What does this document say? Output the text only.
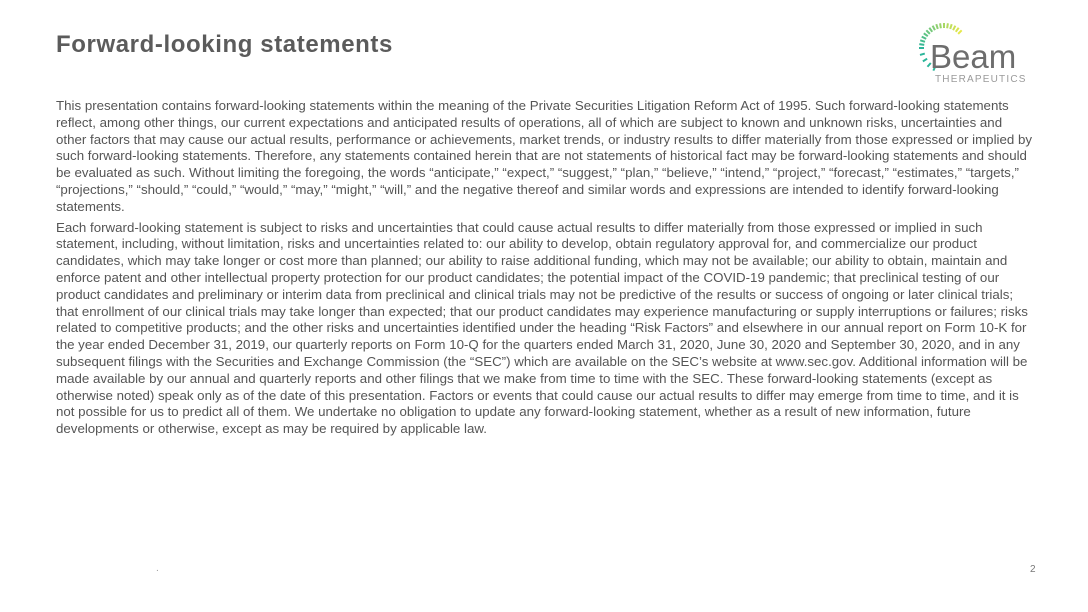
Forward-looking statements	Beam
THERAPEUTICS

This presentation contains forward-looking statements within the meaning of the Private Securities Litigation Reform Act of 1995. Such forward-looking statements reflect, among other things, our current expectations and anticipated results of operations, all of which are subject to known and unknown risks, uncertainties and other factors that may cause our actual results, performance or achievements, market trends, or industry results to differ materially from those expressed or implied by such forward-looking statements. Therefore, any statements contained herein that are not statements of historical fact may be forward-looking statements and should be evaluated as such. Without limiting the foregoing, the words “anticipate,” “expect,” “suggest,” “plan,” “believe,” “intend,” “project,” “forecast,” “estimates,” “targets,” “projections,” “should,” “could,” “would,” “may,” “might,” “will,” and the negative thereof and similar words and expressions are intended to identify forward-looking statements.

Each forward-looking statement is subject to risks and uncertainties that could cause actual results to differ materially from those expressed or implied in such statement, including, without limitation, risks and uncertainties related to: our ability to develop, obtain regulatory approval for, and commercialize our product candidates, which may take longer or cost more than planned; our ability to raise additional funding, which may not be available; our ability to obtain, maintain and enforce patent and other intellectual property protection for our product candidates; the potential impact of the COVID-19 pandemic; that preclinical testing of our product candidates and preliminary or interim data from preclinical and clinical trials may not be predictive of the results or success of ongoing or later clinical trials; that enrollment of our clinical trials may take longer than expected; that our product candidates may experience manufacturing or supply interruptions or failures; risks related to competitive products; and the other risks and uncertainties identified under the heading “Risk Factors” and elsewhere in our annual report on Form 10-K for the year ended December 31, 2019, our quarterly reports on Form 10-Q for the quarters ended March 31, 2020, June 30, 2020 and September 30, 2020, and in any subsequent filings with the Securities and Exchange Commission (the “SEC”) which are available on the SEC’s website at www.sec.gov. Additional information will be made available by our annual and quarterly reports and other filings that we make from time to time with the SEC. These forward-looking statements (except as otherwise noted) speak only as of the date of this presentation. Factors or events that could cause our actual results to differ may emerge from time to time, and it is not possible for us to predict all of them. We undertake no obligation to update any forward-looking statement, whether as a result of new information, future developments or otherwise, except as may be required by applicable law.

.	2
